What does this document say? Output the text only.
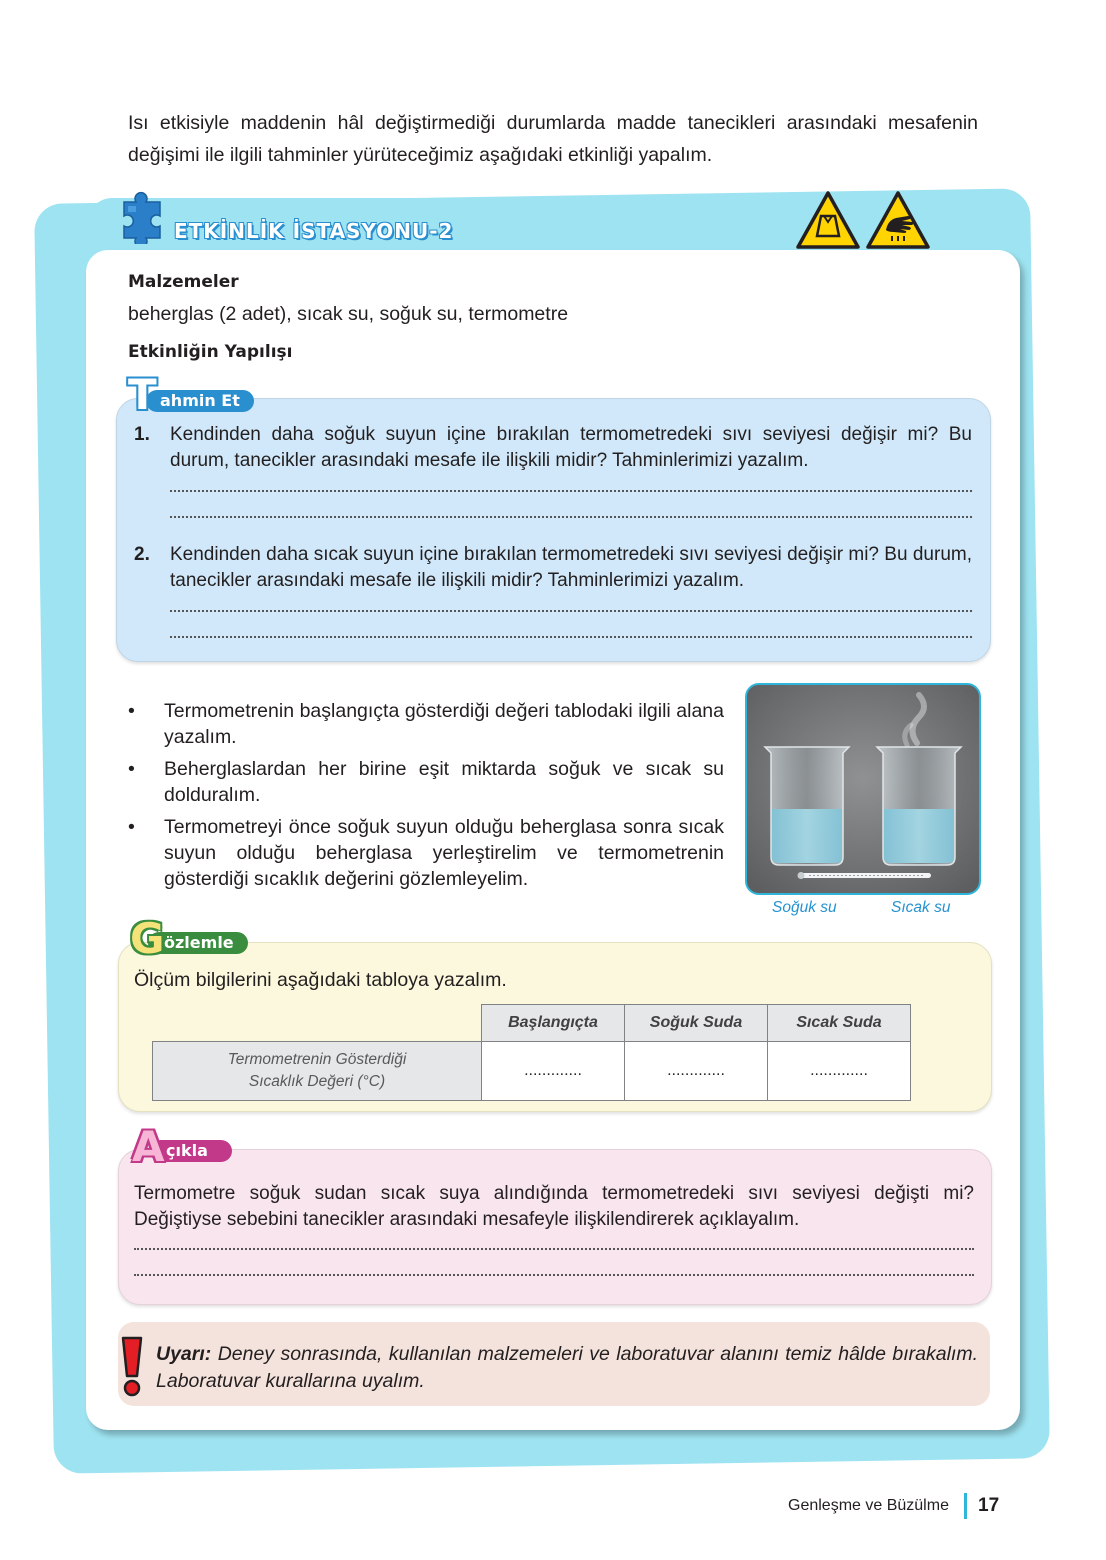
Isı etkisiyle maddenin hâl değiştirmediği durumlarda madde tanecikleri arasındaki mesafenin değişimi ile ilgili tahminler yürüteceğimiz aşağıdaki etkinliği yapalım.
ETKİNLİK İSTASYONU-2
Malzemeler
beherglas (2 adet), sıcak su, soğuk su, termometre
Etkinliğin Yapılışı
T ahmin Et
1. Kendinden daha soğuk suyun içine bırakılan termometredeki sıvı seviyesi değişir mi? Bu durum, tanecikler arasındaki mesafe ile ilişkili midir? Tahminlerimizi yazalım.
2. Kendinden daha sıcak suyun içine bırakılan termometredeki sıvı seviyesi değişir mi? Bu durum, tanecikler arasındaki mesafe ile ilişkili midir? Tahminlerimizi yazalım.
• Termometrenin başlangıçta gösterdiği değeri tablodaki ilgili alana yazalım.
• Beherglaslardan her birine eşit miktarda soğuk ve sıcak su dolduralım.
• Termometreyi önce soğuk suyun olduğu beherglasa sonra sıcak suyun olduğu beherglasa yerleştirelim ve termometrenin gösterdiği sıcaklık değerini gözlemleyelim.
Soğuk su	Sıcak su
G özlemle
Ölçüm bilgilerini aşağıdaki tabloya yazalım.
	Başlangıçta	Soğuk Suda	Sıcak Suda

Termometrenin Gösterdiği
Sıcaklık Değeri (°C)	.............	.............	.............
A çıkla
Termometre soğuk sudan sıcak suya alındığında termometredeki sıvı seviyesi değişti mi? Değiştiyse sebebini tanecikler arasındaki mesafeyle ilişkilendirerek açıklayalım.
Uyarı: Deney sonrasında, kullanılan malzemeleri ve laboratuvar alanını temiz hâlde bırakalım. Laboratuvar kurallarına uyalım.
Genleşme ve Büzülme 17
